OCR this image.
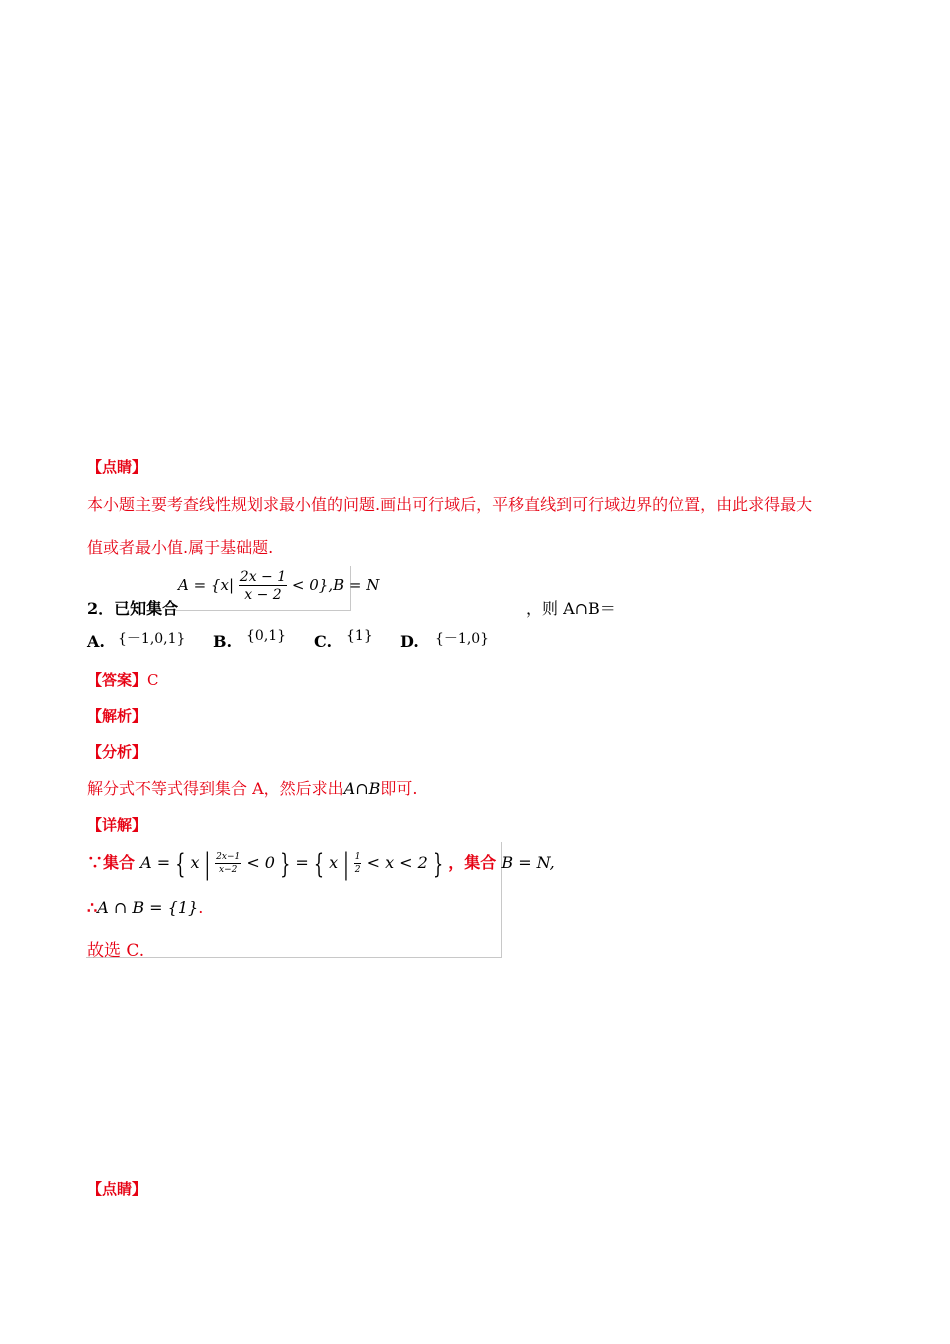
【点睛】
本小题主要考查线性规划求最小值的问题.画出可行域后，平移直线到可行域边界的位置，由此求得最大
值或者最小值.属于基础题.
2．已知集合
$A = \{x| \frac{2x - 1}{x - 2} < 0\},B = N$
，则 A∩B＝
A. {－1,0,1} B. {0,1} C. {1} D. {－1,0}
【答案】C
【解析】
【分析】
解分式不等式得到集合 A，然后求出A∩B即可.
【详解】
∵集合 A = { x | $\frac{2x-1}{x-2} < 0$ } = { x | $\frac{1}{2} < x < 2$ } ，集合 B = N,
∴A ∩ B = {1}.
故选 C.
【点睛】
